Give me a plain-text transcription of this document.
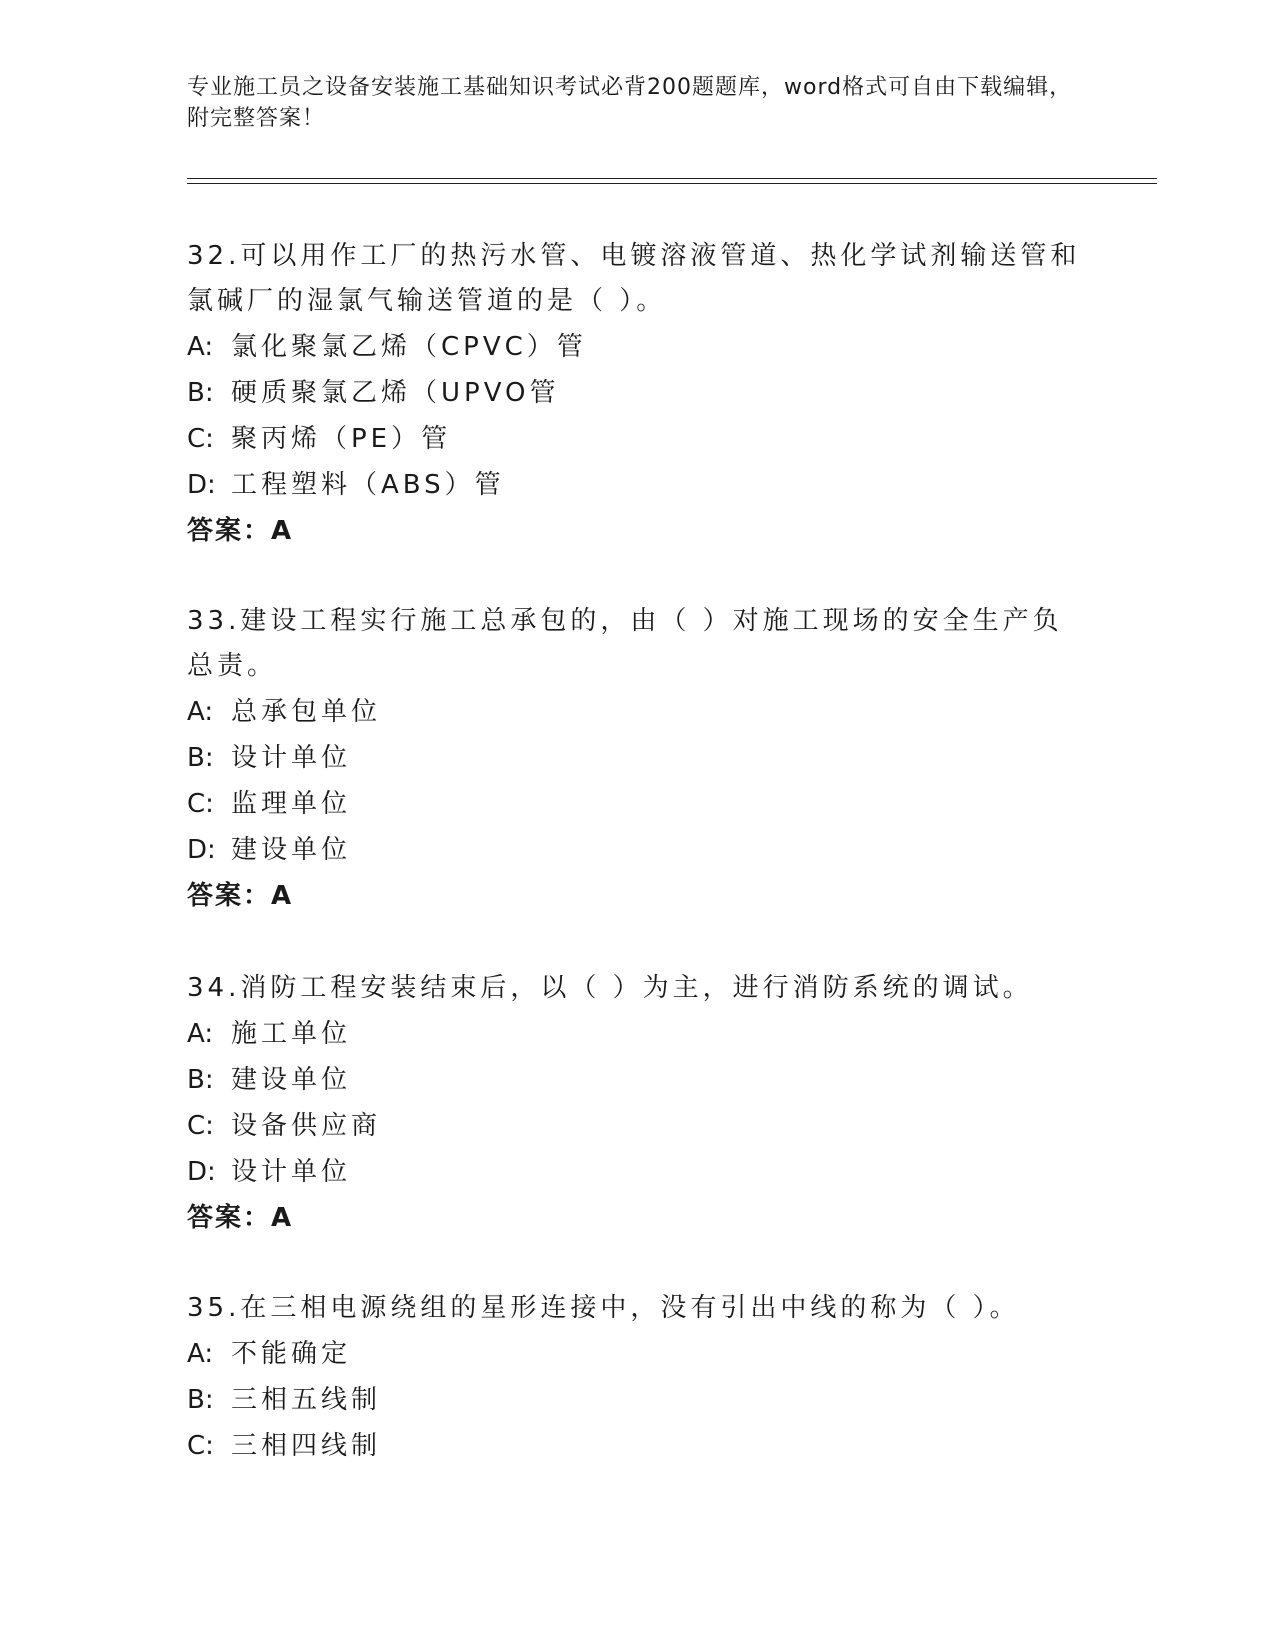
专业施工员之设备安装施工基础知识考试必背200题题库，word格式可自由下载编辑，附完整答案！
32.可以用作工厂的热污水管、电镀溶液管道、热化学试剂输送管和氯碱厂的湿氯气输送管道的是（ ）。
A: 氯化聚氯乙烯（CPVC）管
B: 硬质聚氯乙烯（UPVO管
C: 聚丙烯（PE）管
D: 工程塑料（ABS）管
答案：A
33.建设工程实行施工总承包的，由（ ）对施工现场的安全生产负总责。
A: 总承包单位
B: 设计单位
C: 监理单位
D: 建设单位
答案：A
34.消防工程安装结束后，以（ ）为主，进行消防系统的调试。
A: 施工单位
B: 建设单位
C: 设备供应商
D: 设计单位
答案：A
35.在三相电源绕组的星形连接中，没有引出中线的称为（ ）。
A: 不能确定
B: 三相五线制
C: 三相四线制
